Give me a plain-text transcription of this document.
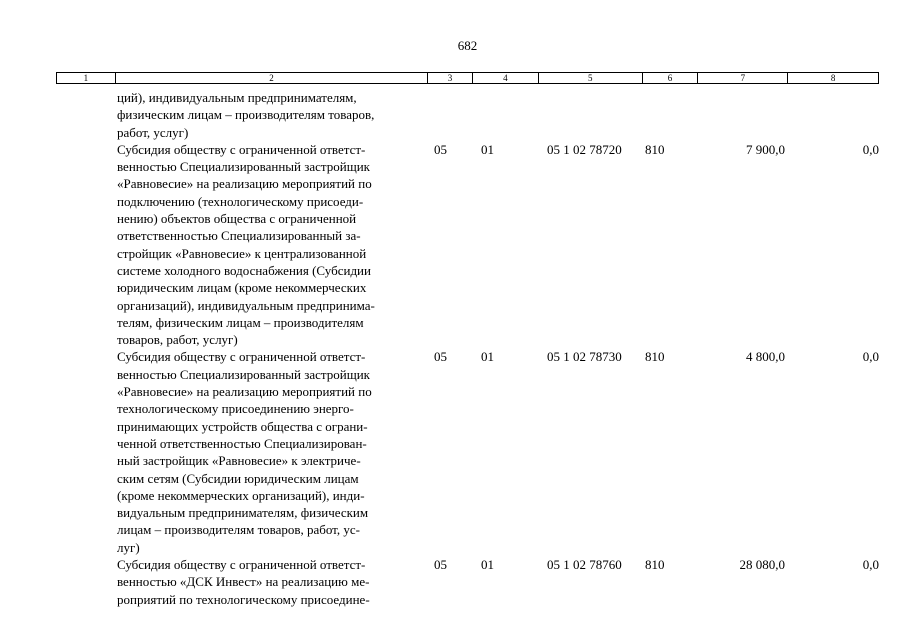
682
1	2	3	4	5	6	7	8
ций), индивидуальным предпринимателям,
физическим лицам – производителям товаров,
работ, услуг)
Субсидия обществу с ограниченной ответст-
венностью Специализированный застройщик
«Равновесие» на реализацию мероприятий по
подключению (технологическому присоеди-
нению) объектов общества с ограниченной
ответственностью Специализированный за-
стройщик «Равновесие» к централизованной
системе холодного водоснабжения (Субсидии
юридическим лицам (кроме некоммерческих
организаций), индивидуальным предпринима-
телям, физическим лицам – производителям
товаров, работ, услуг)
05	01	05 1 02 78720	810	7 900,0	0,0
Субсидия обществу с ограниченной ответст-
венностью Специализированный застройщик
«Равновесие» на реализацию мероприятий по
технологическому присоединению энерго-
принимающих устройств общества с ограни-
ченной ответственностью Специализирован-
ный застройщик «Равновесие» к электриче-
ским сетям (Субсидии юридическим лицам
(кроме некоммерческих организаций), инди-
видуальным предпринимателям, физическим
лицам – производителям товаров, работ, ус-
луг)
05	01	05 1 02 78730	810	4 800,0	0,0
Субсидия обществу с ограниченной ответст-
венностью «ДСК Инвест» на реализацию ме-
роприятий по технологическому присоедине-
05	01	05 1 02 78760	810	28 080,0	0,0
